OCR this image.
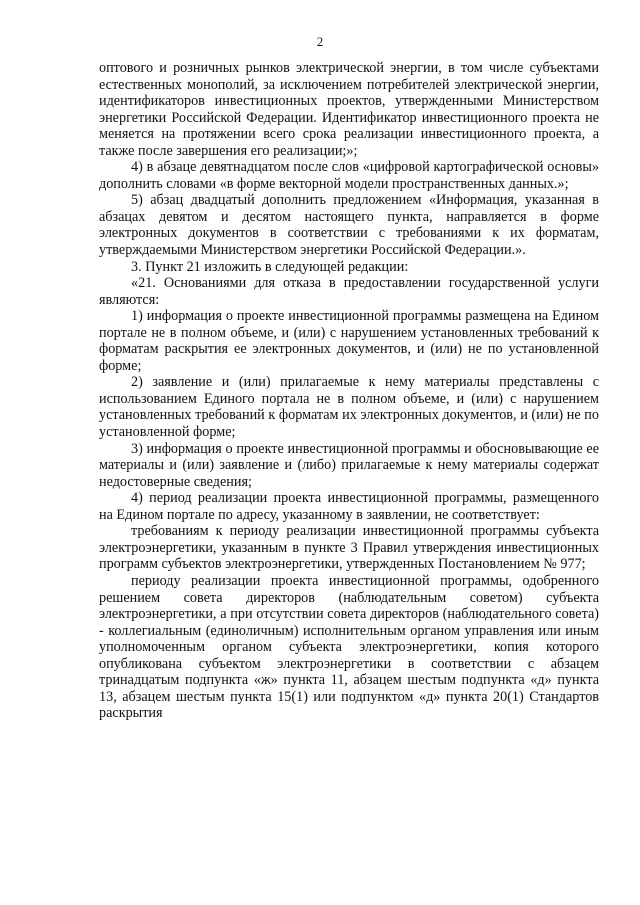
2

оптового и розничных рынков электрической энергии, в том числе субъектами естественных монополий, за исключением потребителей электрической энергии, идентификаторов инвестиционных проектов, утвержденными Министерством энергетики Российской Федерации. Идентификатор инвестиционного проекта не меняется на протяжении всего срока реализации инвестиционного проекта, а также после завершения его реализации;»;

4) в абзаце девятнадцатом после слов «цифровой картографической основы» дополнить словами «в форме векторной модели пространственных данных.»;

5) абзац двадцатый дополнить предложением «Информация, указанная в абзацах девятом и десятом настоящего пункта, направляется в форме электронных документов в соответствии с требованиями к их форматам, утверждаемыми Министерством энергетики Российской Федерации.».

3. Пункт 21 изложить в следующей редакции:

«21. Основаниями для отказа в предоставлении государственной услуги являются:

1) информация о проекте инвестиционной программы размещена на Едином портале не в полном объеме, и (или) с нарушением установленных требований к форматам раскрытия ее электронных документов, и (или) не по установленной форме;

2) заявление и (или) прилагаемые к нему материалы представлены с использованием Единого портала не в полном объеме, и (или) с нарушением установленных требований к форматам их электронных документов, и (или) не по установленной форме;

3) информация о проекте инвестиционной программы и обосновывающие ее материалы и (или) заявление и (либо) прилагаемые к нему материалы содержат недостоверные сведения;

4) период реализации проекта инвестиционной программы, размещенного на Едином портале по адресу, указанному в заявлении, не соответствует:

требованиям к периоду реализации инвестиционной программы субъекта электроэнергетики, указанным в пункте 3 Правил утверждения инвестиционных программ субъектов электроэнергетики, утвержденных Постановлением № 977;

периоду реализации проекта инвестиционной программы, одобренного решением совета директоров (наблюдательным советом) субъекта электроэнергетики, а при отсутствии совета директоров (наблюдательного совета) - коллегиальным (единоличным) исполнительным органом управления или иным уполномоченным органом субъекта электроэнергетики, копия которого опубликована субъектом электроэнергетики в соответствии с абзацем тринадцатым подпункта «ж» пункта 11, абзацем шестым подпункта «д» пункта 13, абзацем шестым пункта 15(1) или подпунктом «д» пункта 20(1) Стандартов раскрытия
